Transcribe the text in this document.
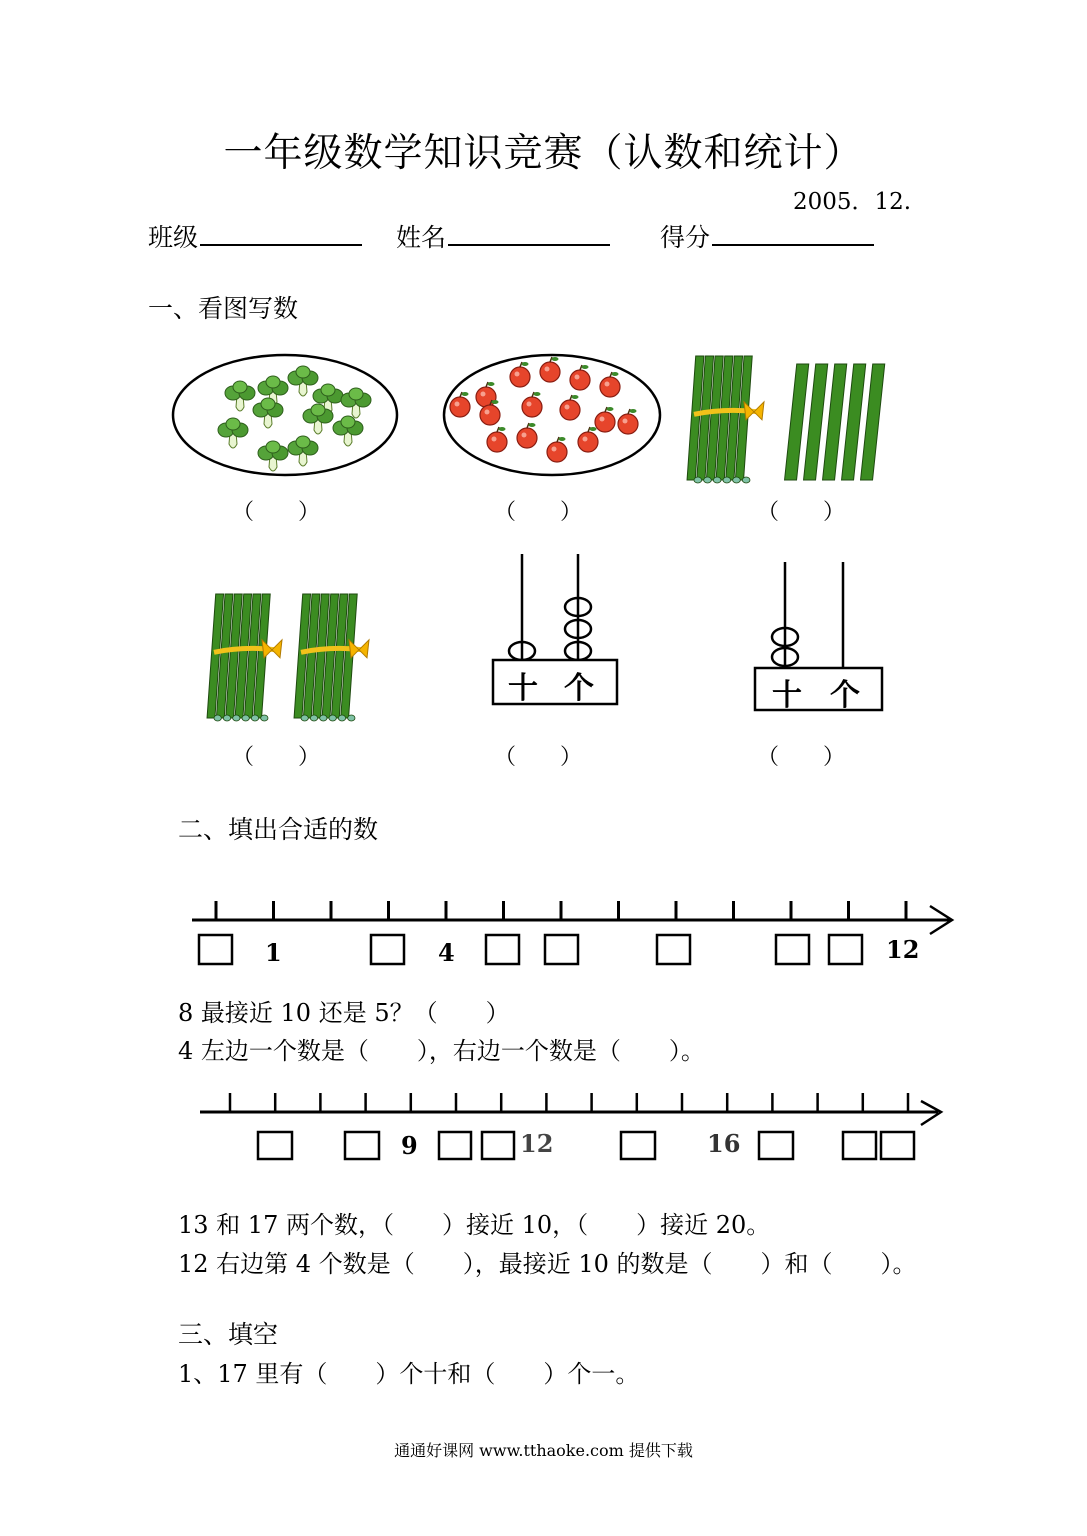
一年级数学知识竞赛（认数和统计）
2005．12.
班级	姓名	得分
一、看图写数
十 个	十 个
（　　）	（　　）	（　　）
（　　）	（　　）	（　　）
二、填出合适的数
1	4	12
8 最接近 10 还是 5？（　　）
4 左边一个数是（　　），右边一个数是（　　）。
9	12	16
13 和 17 两个数，（　　）接近 10，（　　）接近 20。
12 右边第 4 个数是（　　），最接近 10 的数是（　　）和（　　）。
三、填空
1、17 里有（　　）个十和（　　）个一。
通通好课网 www.tthaoke.com 提供下载
